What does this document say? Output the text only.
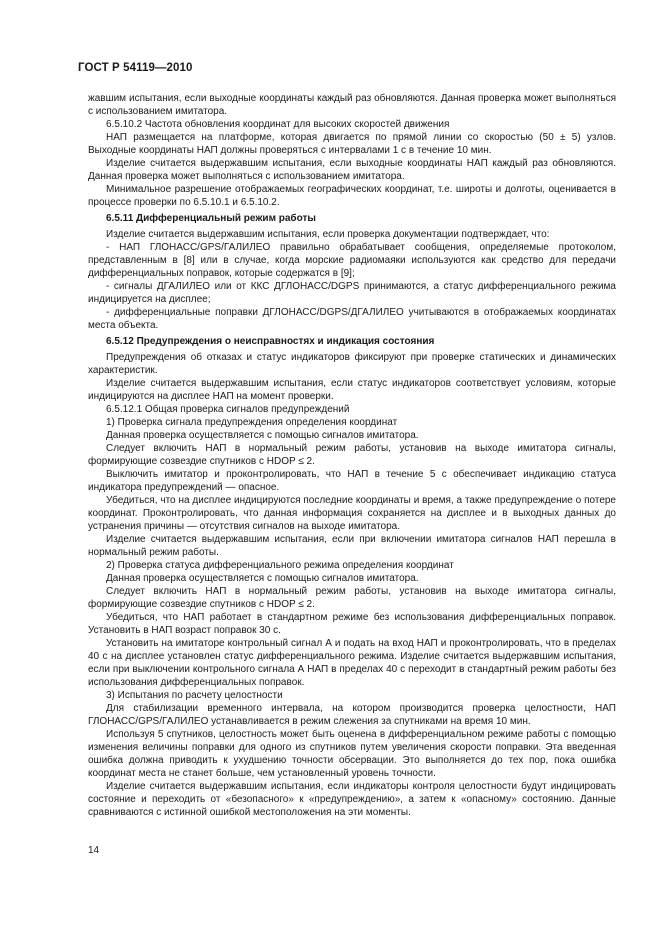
ГОСТ Р 54119—2010

жавшим испытания, если выходные координаты каждый раз обновляются. Данная проверка может выполняться с использованием имитатора.

6.5.10.2 Частота обновления координат для высоких скоростей движения

НАП размещается на платформе, которая двигается по прямой линии со скоростью (50 ± 5) узлов. Выходные координаты НАП должны проверяться с интервалами 1 с в течение 10 мин.

Изделие считается выдержавшим испытания, если выходные координаты НАП каждый раз обновляются. Данная проверка может выполняться с использованием имитатора.

Минимальное разрешение отображаемых географических координат, т.е. широты и долготы, оценивается в процессе проверки по 6.5.10.1 и 6.5.10.2.

6.5.11 Дифференциальный режим работы

Изделие считается выдержавшим испытания, если проверка документации подтверждает, что:

- НАП ГЛОНАСС/GPS/ГАЛИЛЕО правильно обрабатывает сообщения, определяемые протоколом, представленным в [8] или в случае, когда морские радиомаяки используются как средство для передачи дифференциальных поправок, которые содержатся в [9];

- сигналы ДГАЛИЛЕО или от ККС ДГЛОНАСС/DGPS принимаются, а статус дифференциального режима индицируется на дисплее;

- дифференциальные поправки ДГЛОНАСС/DGPS/ДГАЛИЛЕО учитываются в отображаемых координатах места объекта.

6.5.12 Предупреждения о неисправностях и индикация состояния

Предупреждения об отказах и статус индикаторов фиксируют при проверке статических и динамических характеристик.

Изделие считается выдержавшим испытания, если статус индикаторов соответствует условиям, которые индицируются на дисплее НАП на момент проверки.

6.5.12.1 Общая проверка сигналов предупреждений

1) Проверка сигнала предупреждения определения координат

Данная проверка осуществляется с помощью сигналов имитатора.

Следует включить НАП в нормальный режим работы, установив на выходе имитатора сигналы, формирующие созвездие спутников с HDOP ≤ 2.

Выключить имитатор и проконтролировать, что НАП в течение 5 с обеспечивает индикацию статуса индикатора предупреждений — опасное.

Убедиться, что на дисплее индицируются последние координаты и время, а также предупреждение о потере координат. Проконтролировать, что данная информация сохраняется на дисплее и в выходных данных до устранения причины — отсутствия сигналов на выходе имитатора.

Изделие считается выдержавшим испытания, если при включении имитатора сигналов НАП перешла в нормальный режим работы.

2) Проверка статуса дифференциального режима определения координат

Данная проверка осуществляется с помощью сигналов имитатора.

Следует включить НАП в нормальный режим работы, установив на выходе имитатора сигналы, формирующие созвездие спутников с HDOP ≤ 2.

Убедиться, что НАП работает в стандартном режиме без использования дифференциальных поправок. Установить в НАП возраст поправок 30 с.

Установить на имитаторе контрольный сигнал А и подать на вход НАП и проконтролировать, что в пределах 40 с на дисплее установлен статус дифференциального режима. Изделие считается выдержавшим испытания, если при выключении контрольного сигнала А НАП в пределах 40 с переходит в стандартный режим работы без использования дифференциальных поправок.

3) Испытания по расчету целостности

Для стабилизации временного интервала, на котором производится проверка целостности, НАП ГЛОНАСС/GPS/ГАЛИЛЕО устанавливается в режим слежения за спутниками на время 10 мин.

Используя 5 спутников, целостность может быть оценена в дифференциальном режиме работы с помощью изменения величины поправки для одного из спутников путем увеличения скорости поправки. Эта введенная ошибка должна приводить к ухудшению точности обсервации. Это выполняется до тех пор, пока ошибка координат места не станет больше, чем установленный уровень точности.

Изделие считается выдержавшим испытания, если индикаторы контроля целостности будут индицировать состояние и переходить от «безопасного» к «предупреждению», а затем к «опасному» состоянию. Данные сравниваются с истинной ошибкой местоположения на эти моменты.

14
